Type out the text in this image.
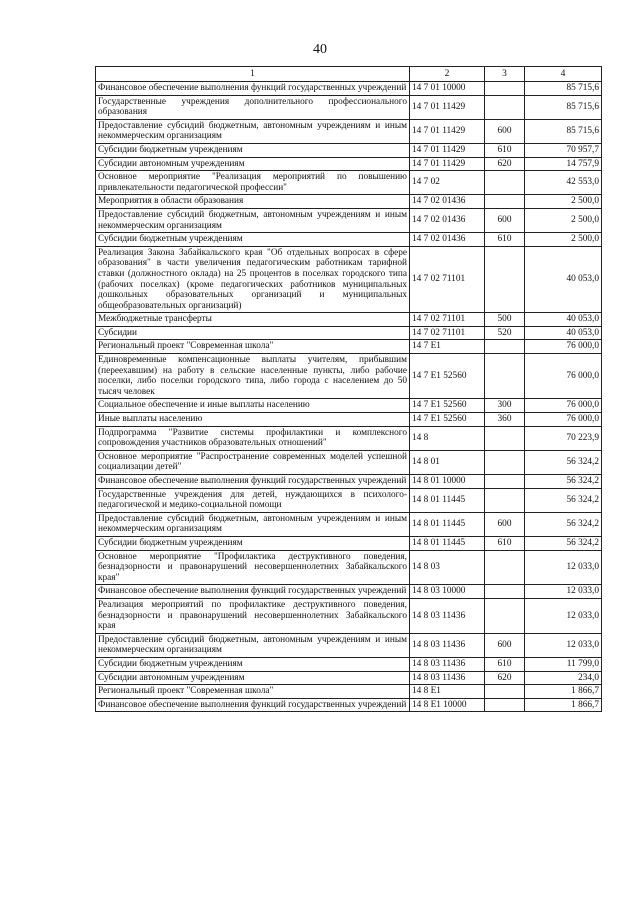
40
1	2	3	4
Финансовое обеспечение выполнения функций государственных учреждений	14 7 01 10000		85 715,6
Государственные учреждения дополнительного профессионального образования	14 7 01 11429		85 715,6
Предоставление субсидий бюджетным, автономным учреждениям и иным некоммерческим организациям	14 7 01 11429	600	85 715,6
Субсидии бюджетным учреждениям	14 7 01 11429	610	70 957,7
Субсидии автономным учреждениям	14 7 01 11429	620	14 757,9
Основное мероприятие "Реализация мероприятий по повышению привлекательности педагогической профессии"	14 7 02		42 553,0
Мероприятия в области образования	14 7 02 01436		2 500,0
Предоставление субсидий бюджетным, автономным учреждениям и иным некоммерческим организациям	14 7 02 01436	600	2 500,0
Субсидии бюджетным учреждениям	14 7 02 01436	610	2 500,0
Реализация Закона Забайкальского края "Об отдельных вопросах в сфере образования" в части увеличения педагогическим работникам тарифной ставки (должностного оклада) на 25 процентов в поселках городского типа (рабочих поселках) (кроме педагогических работников муниципальных дошкольных образовательных организаций и муниципальных общеобразовательных организаций)	14 7 02 71101		40 053,0
Межбюджетные трансферты	14 7 02 71101	500	40 053,0
Субсидии	14 7 02 71101	520	40 053,0
Региональный проект "Современная школа"	14 7 E1		76 000,0
Единовременные компенсационные выплаты учителям, прибывшим (переехавшим) на работу в сельские населенные пункты, либо рабочие поселки, либо поселки городского типа, либо города с населением до 50 тысяч человек	14 7 E1 52560		76 000,0
Социальное обеспечение и иные выплаты населению	14 7 E1 52560	300	76 000,0
Иные выплаты населению	14 7 E1 52560	360	76 000,0
Подпрограмма "Развитие системы профилактики и комплексного сопровождения участников образовательных отношений"	14 8		70 223,9
Основное мероприятие "Распространение современных моделей успешной социализации детей"	14 8 01		56 324,2
Финансовое обеспечение выполнения функций государственных учреждений	14 8 01 10000		56 324,2
Государственные учреждения для детей, нуждающихся в психолого-педагогической и медико-социальной помощи	14 8 01 11445		56 324,2
Предоставление субсидий бюджетным, автономным учреждениям и иным некоммерческим организациям	14 8 01 11445	600	56 324,2
Субсидии бюджетным учреждениям	14 8 01 11445	610	56 324,2
Основное мероприятие "Профилактика деструктивного поведения, безнадзорности и правонарушений несовершеннолетних Забайкальского края"	14 8 03		12 033,0
Финансовое обеспечение выполнения функций государственных учреждений	14 8 03 10000		12 033,0
Реализация мероприятий по профилактике деструктивного поведения, безнадзорности и правонарушений несовершеннолетних Забайкальского края	14 8 03 11436		12 033,0
Предоставление субсидий бюджетным, автономным учреждениям и иным некоммерческим организациям	14 8 03 11436	600	12 033,0
Субсидии бюджетным учреждениям	14 8 03 11436	610	11 799,0
Субсидии автономным учреждениям	14 8 03 11436	620	234,0
Региональный проект "Современная школа"	14 8 E1		1 866,7
Финансовое обеспечение выполнения функций государственных учреждений	14 8 E1 10000		1 866,7
